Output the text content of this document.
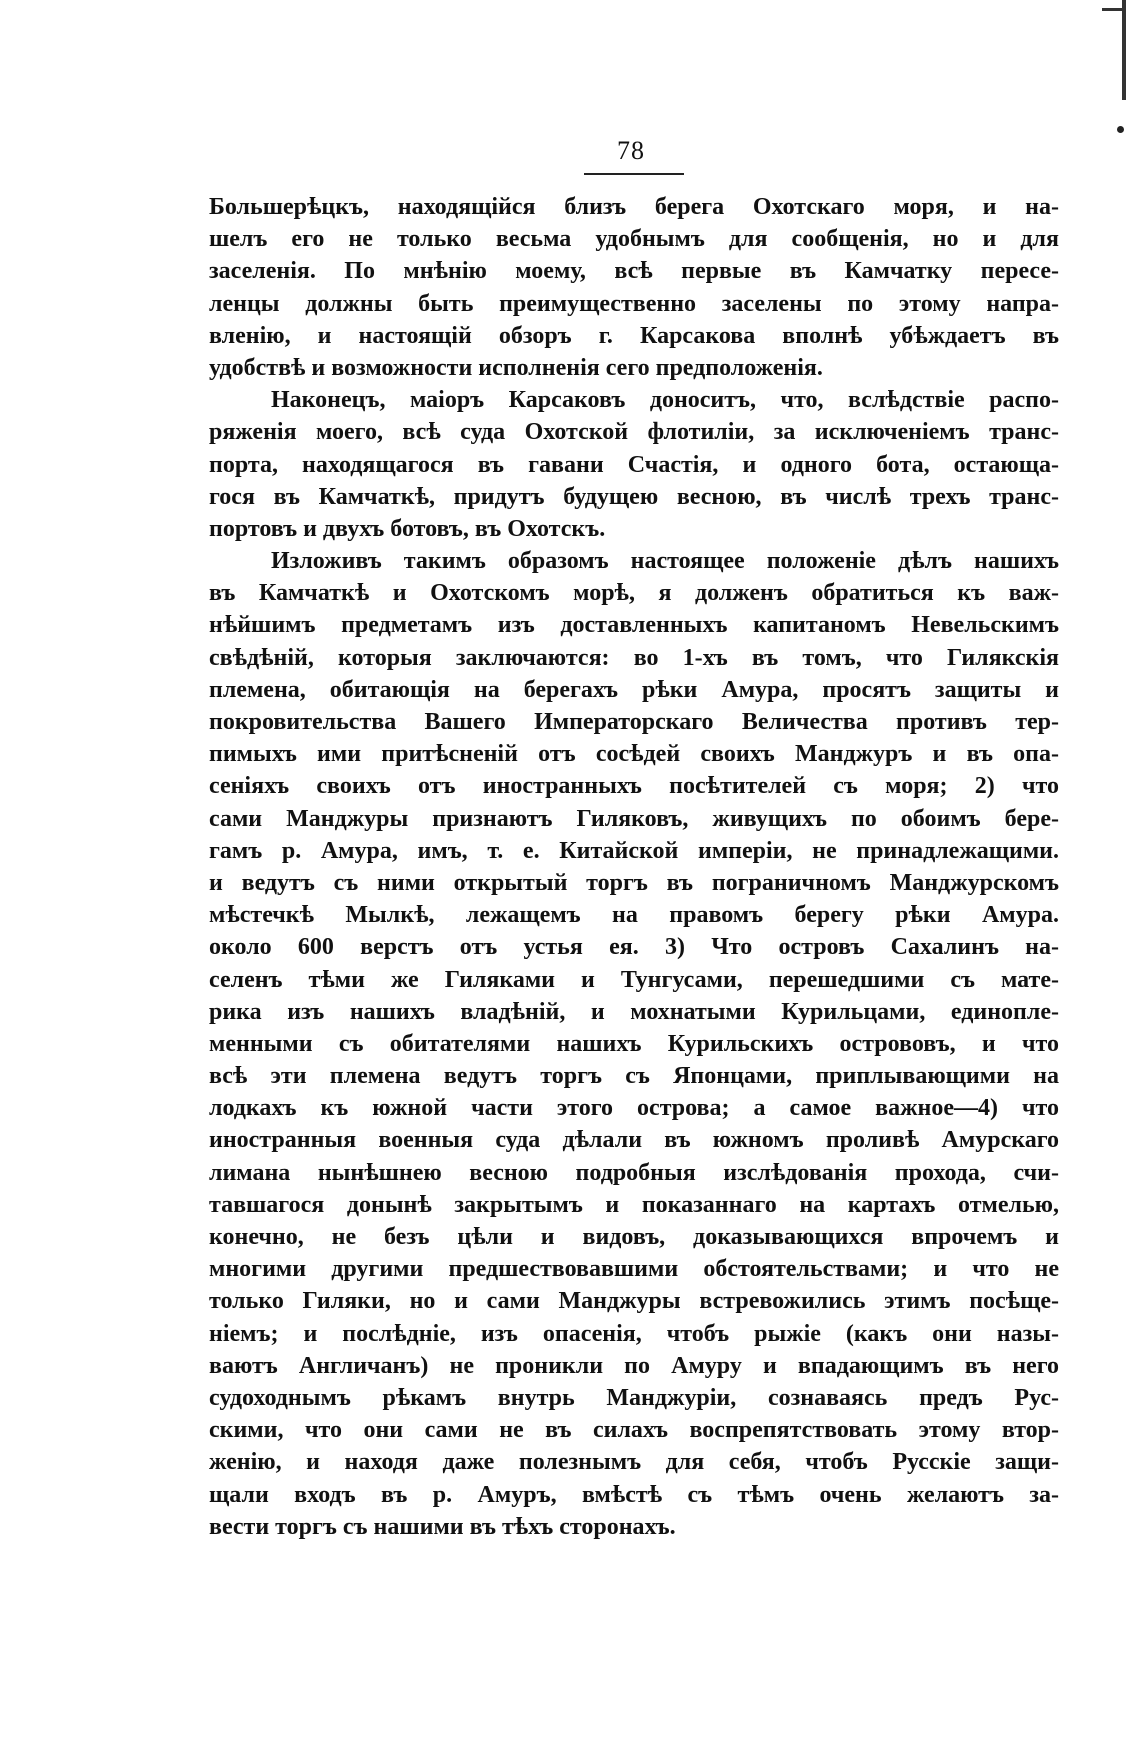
78
Большерѣцкъ, находящійся близъ берега Охотскаго моря, и на-
шелъ его не только весьма удобнымъ для сообщенія, но и для
заселенія. По мнѣнію моему, всѣ первые въ Камчатку пересе-
ленцы должны быть преимущественно заселены по этому напра-
вленію, и настоящій обзоръ г. Карсакова вполнѣ убѣждаетъ въ
удобствѣ и возможности исполненія сего предположенія.
Наконецъ, маіоръ Карсаковъ доноситъ, что, вслѣдствіе распо-
ряженія моего, всѣ суда Охотской флотиліи, за исключеніемъ транс-
порта, находящагося въ гавани Счастія, и одного бота, остающа-
гося въ Камчаткѣ, придутъ будущею весною, въ числѣ трехъ транс-
портовъ и двухъ ботовъ, въ Охотскъ.
Изложивъ такимъ образомъ настоящее положеніе дѣлъ нашихъ
въ Камчаткѣ и Охотскомъ морѣ, я долженъ обратиться къ важ-
нѣйшимъ предметамъ изъ доставленныхъ капитаномъ Невельскимъ
свѣдѣній, которыя заключаются: во 1-хъ въ томъ, что Гилякскія
племена, обитающія на берегахъ рѣки Амура, просятъ защиты и
покровительства Вашего Императорскаго Величества противъ тер-
пимыхъ ими притѣсненій отъ сосѣдей своихъ Манджуръ и въ опа-
сеніяхъ своихъ отъ иностранныхъ посѣтителей съ моря; 2) что
сами Манджуры признаютъ Гиляковъ, живущихъ по обоимъ бере-
гамъ р. Амура, имъ, т. е. Китайской имперіи, не принадлежащими.
и ведутъ съ ними открытый торгъ въ пограничномъ Манджурскомъ
мѣстечкѣ Мылкѣ, лежащемъ на правомъ берегу рѣки Амура.
около 600 верстъ отъ устья ея. 3) Что островъ Сахалинъ на-
селенъ тѣми же Гиляками и Тунгусами, перешедшими съ мате-
рика изъ нашихъ владѣній, и мохнатыми Курильцами, единопле-
менными съ обитателями нашихъ Курильскихъ острововъ, и что
всѣ эти племена ведутъ торгъ съ Японцами, приплывающими на
лодкахъ къ южной части этого острова; а самое важное—4) что
иностранныя военныя суда дѣлали въ южномъ проливѣ Амурскаго
лимана нынѣшнею весною подробныя изслѣдованія прохода, счи-
тавшагося донынѣ закрытымъ и показаннаго на картахъ отмелью,
конечно, не безъ цѣли и видовъ, доказывающихся впрочемъ и
многими другими предшествовавшими обстоятельствами; и что не
только Гиляки, но и сами Манджуры встревожились этимъ посѣще-
ніемъ; и послѣдніе, изъ опасенія, чтобъ рыжіе (какъ они назы-
ваютъ Англичанъ) не проникли по Амуру и впадающимъ въ него
судоходнымъ рѣкамъ внутрь Манджуріи, сознаваясь предъ Рус-
скими, что они сами не въ силахъ воспрепятствовать этому втор-
женію, и находя даже полезнымъ для себя, чтобъ Русскіе защи-
щали входъ въ р. Амуръ, вмѣстѣ съ тѣмъ очень желаютъ за-
вести торгъ съ нашими въ тѣхъ сторонахъ.
